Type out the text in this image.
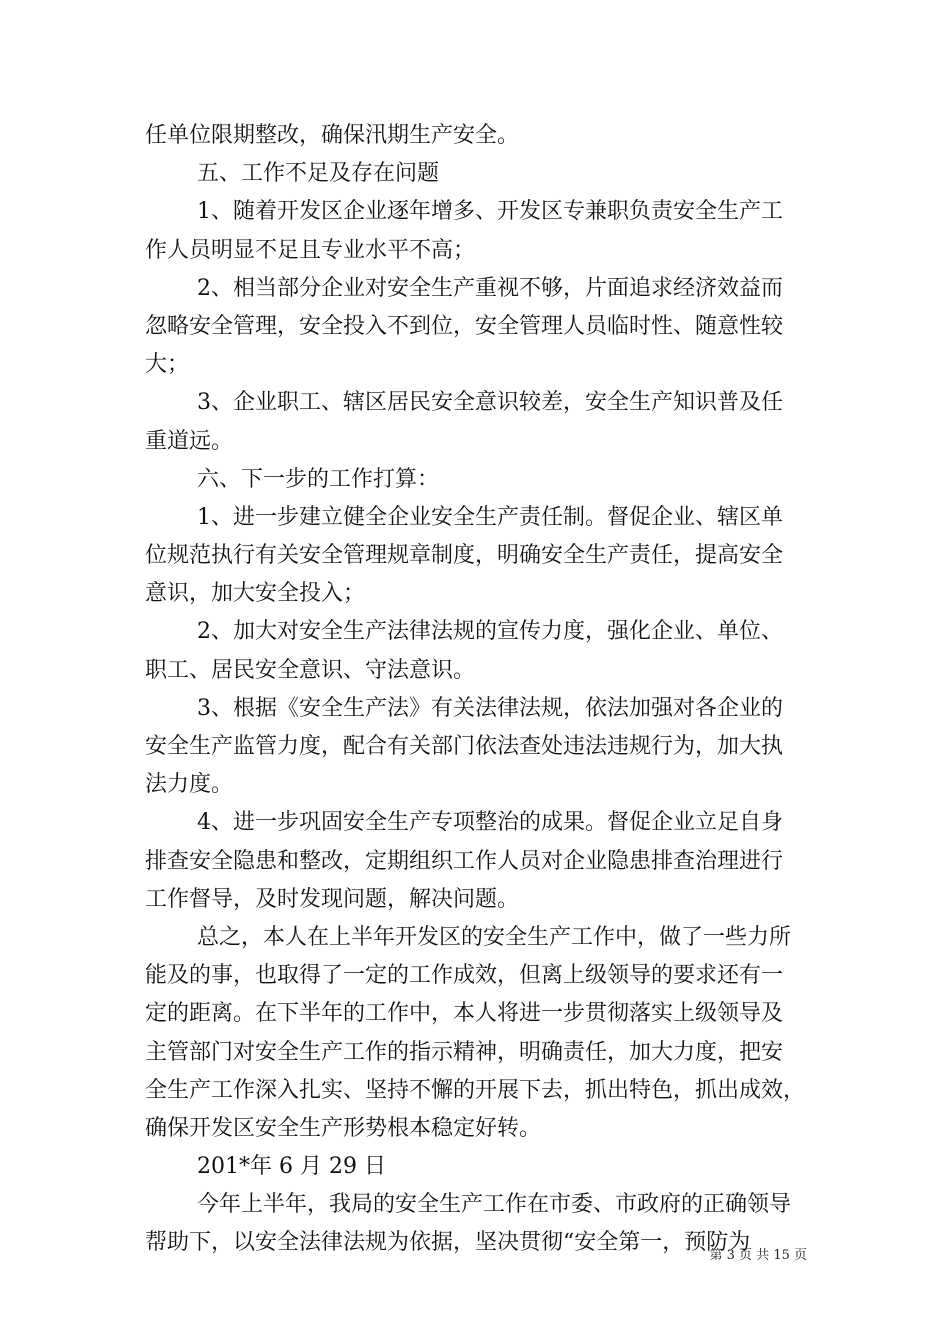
任单位限期整改，确保汛期生产安全。

五、工作不足及存在问题

1、随着开发区企业逐年增多、开发区专兼职负责安全生产工
作人员明显不足且专业水平不高；

2、相当部分企业对安全生产重视不够，片面追求经济效益而
忽略安全管理，安全投入不到位，安全管理人员临时性、随意性较
大；

3、企业职工、辖区居民安全意识较差，安全生产知识普及任
重道远。

六、下一步的工作打算：

1、进一步建立健全企业安全生产责任制。督促企业、辖区单
位规范执行有关安全管理规章制度，明确安全生产责任，提高安全
意识，加大安全投入；

2、加大对安全生产法律法规的宣传力度，强化企业、单位、
职工、居民安全意识、守法意识。

3、根据《安全生产法》有关法律法规，依法加强对各企业的
安全生产监管力度，配合有关部门依法查处违法违规行为，加大执
法力度。

4、进一步巩固安全生产专项整治的成果。督促企业立足自身
排查安全隐患和整改，定期组织工作人员对企业隐患排查治理进行
工作督导，及时发现问题，解决问题。

总之，本人在上半年开发区的安全生产工作中，做了一些力所
能及的事，也取得了一定的工作成效，但离上级领导的要求还有一
定的距离。在下半年的工作中，本人将进一步贯彻落实上级领导及
主管部门对安全生产工作的指示精神，明确责任，加大力度，把安
全生产工作深入扎实、坚持不懈的开展下去，抓出特色，抓出成效，
确保开发区安全生产形势根本稳定好转。

201*年 6 月 29 日

今年上半年，我局的安全生产工作在市委、市政府的正确领导
帮助下，以安全法律法规为依据，坚决贯彻“安全第一，预防为

第 3 页 共 15 页
